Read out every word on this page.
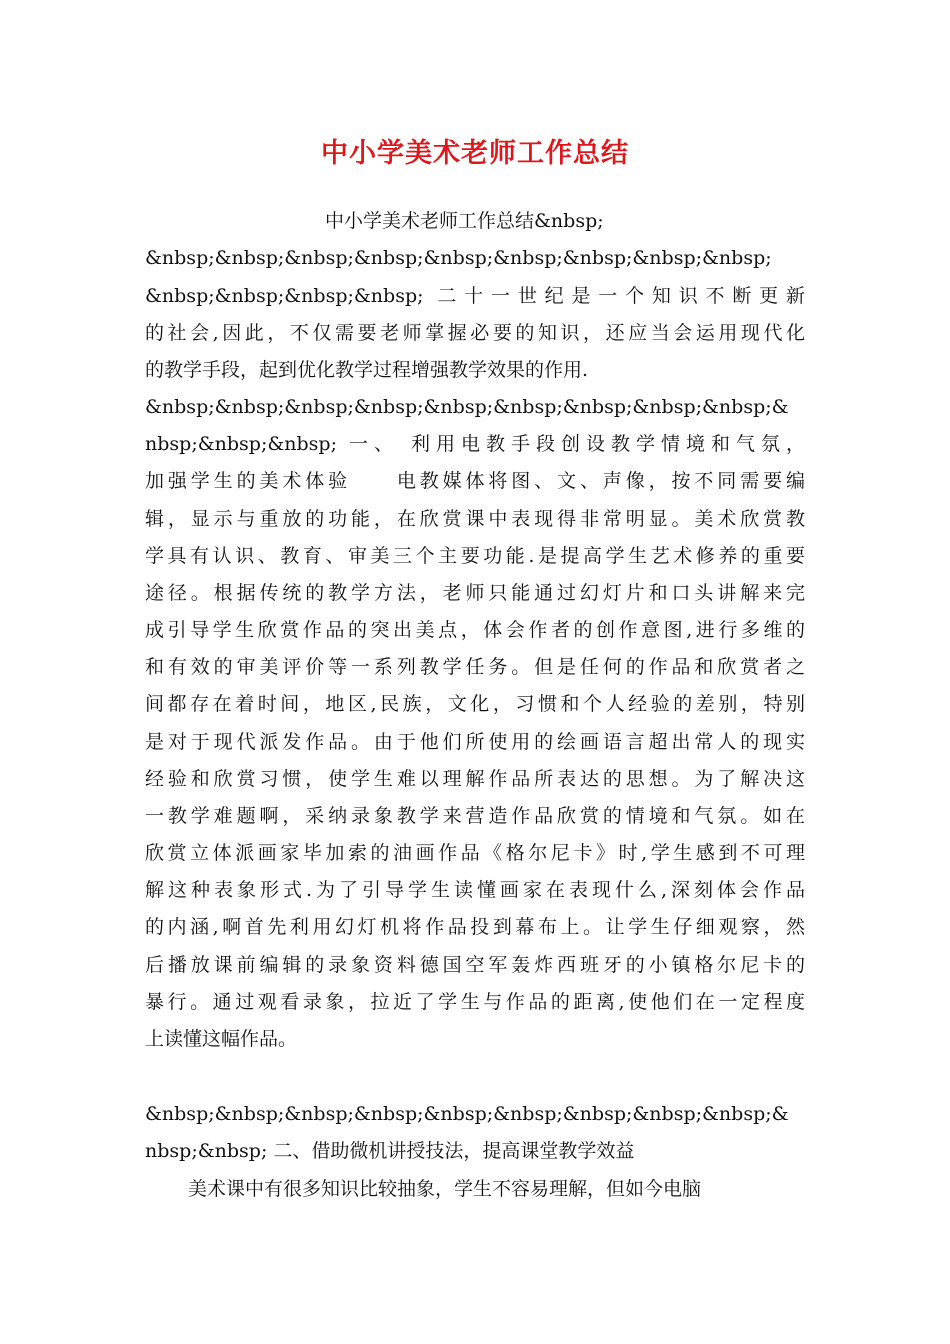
中小学美术老师工作总结
中小学美术老师工作总结&nbsp;
&nbsp;&nbsp;&nbsp;&nbsp;&nbsp;&nbsp;&nbsp;&nbsp;&nbsp;
&nbsp;&nbsp;&nbsp;&nbsp; 二十一世纪是一个知识不断更新
的社会,因此，不仅需要老师掌握必要的知识，还应当会运用现代化
的教学手段，起到优化教学过程增强教学效果的作用.
&nbsp;&nbsp;&nbsp;&nbsp;&nbsp;&nbsp;&nbsp;&nbsp;&nbsp;&
nbsp;&nbsp;&nbsp; 一、 利用电教手段创设教学情境和气氛，
加强学生的美术体验　　电教媒体将图、文、声像，按不同需要编
辑，显示与重放的功能，在欣赏课中表现得非常明显。美术欣赏教
学具有认识、教育、审美三个主要功能.是提高学生艺术修养的重要
途径。根据传统的教学方法，老师只能通过幻灯片和口头讲解来完
成引导学生欣赏作品的突出美点，体会作者的创作意图,进行多维的
和有效的审美评价等一系列教学任务。但是任何的作品和欣赏者之
间都存在着时间，地区,民族，文化，习惯和个人经验的差别，特别
是对于现代派发作品。由于他们所使用的绘画语言超出常人的现实
经验和欣赏习惯，使学生难以理解作品所表达的思想。为了解决这
一教学难题啊，采纳录象教学来营造作品欣赏的情境和气氛。如在
欣赏立体派画家毕加索的油画作品《格尔尼卡》时,学生感到不可理
解这种表象形式.为了引导学生读懂画家在表现什么,深刻体会作品
的内涵,啊首先利用幻灯机将作品投到幕布上。让学生仔细观察，然
后播放课前编辑的录象资料德国空军轰炸西班牙的小镇格尔尼卡的
暴行。通过观看录象，拉近了学生与作品的距离,使他们在一定程度
上读懂这幅作品。
&nbsp;&nbsp;&nbsp;&nbsp;&nbsp;&nbsp;&nbsp;&nbsp;&nbsp;&
nbsp;&nbsp; 二、借助微机讲授技法，提高课堂教学效益
美术课中有很多知识比较抽象，学生不容易理解，但如今电脑
